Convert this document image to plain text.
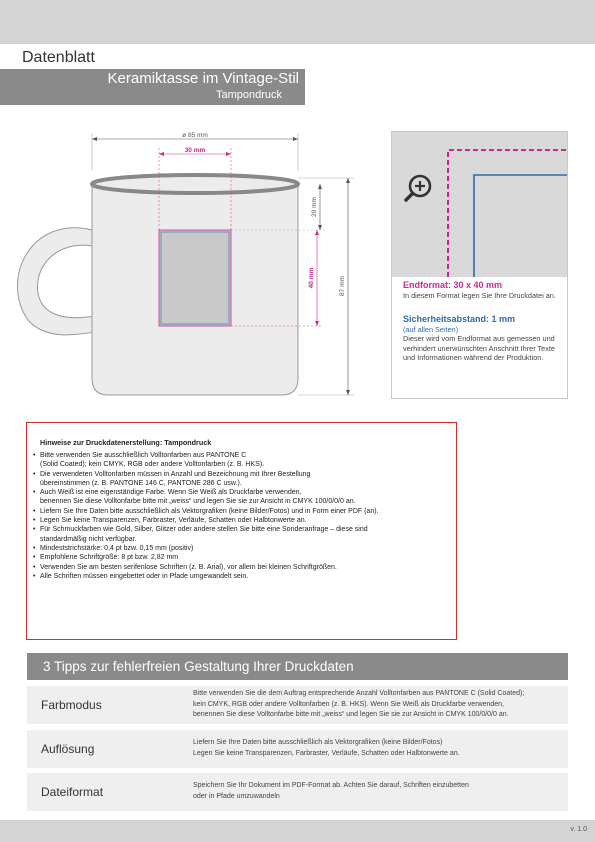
Datenblatt
Keramiktasse im Vintage-Stil
Tampondruck
ø 85 mm
30 mm
20 mm
40 mm	87 mm	Endformat: 30 x 40 mm
In diesem Format legen Sie Ihre Druckdatei an.
Sicherheitsabstand: 1 mm
(auf allen Seiten)
Dieser wird vom Endformat aus gemessen und verhindert unerwünschten Anschnitt Ihrer Texte und Informationen während der Produktion.
Hinweise zur Druckdatenerstellung: Tampondruck
• Bitte verwenden Sie ausschließlich Volltonfarben aus PANTONE C
(Solid Coated); kein CMYK, RGB oder andere Volltonfarben (z. B. HKS).
• Die verwendeten Volltonfarben müssen in Anzahl und Bezeichnung mit Ihrer Bestellung
übereinstimmen (z. B. PANTONE 146 C, PANTONE 286 C usw.).
• Auch Weiß ist eine eigenständige Farbe. Wenn Sie Weiß als Druckfarbe verwenden,
benennen Sie diese Volltonfarbe bitte mit „weiss“ und legen Sie sie zur Ansicht in CMYK 100/0/0/0 an.
• Liefern Sie Ihre Daten bitte ausschließlich als Vektorgrafiken (keine Bilder/Fotos) und in Form einer PDF (an).
• Legen Sie keine Transparenzen, Farbraster, Verläufe, Schatten oder Halbtonwerte an.
• Für Schmuckfarben wie Gold, Silber, Glitzer oder andere stellen Sie bitte eine Sonderanfrage – diese sind
standardmäßig nicht verfügbar.
• Mindeststrichstärke: 0,4 pt bzw. 0,15 mm (positiv)
• Empfohlene Schriftgröße: 8 pt bzw. 2,82 mm
• Verwenden Sie am besten serifenlose Schriften (z. B. Arial), vor allem bei kleinen Schriftgrößen.
• Alle Schriften müssen eingebettet oder in Pfade umgewandelt sein.
3 Tipps zur fehlerfreien Gestaltung Ihrer Druckdaten
Farbmodus
Bitte verwenden Sie die dem Auftrag entsprechende Anzahl Volltonfarben aus PANTONE C (Solid Coated);
kein CMYK, RGB oder andere Volltonfarben (z. B. HKS). Wenn Sie Weiß als Druckfarbe verwenden,
benennen Sie diese Volltonfarbe bitte mit „weiss“ und legen Sie sie zur Ansicht in CMYK 100/0/0/0 an.
Auflösung	Liefern Sie Ihre Daten bitte ausschließlich als Vektorgrafiken (keine Bilder/Fotos)
Legen Sie keine Transparenzen, Farbraster, Verläufe, Schatten oder Halbtonwerte an.
Dateiformat	Speichern Sie Ihr Dokument im PDF-Format ab. Achten Sie darauf, Schriften einzubetten
oder in Pfade umzuwandeln
v. 1.0
